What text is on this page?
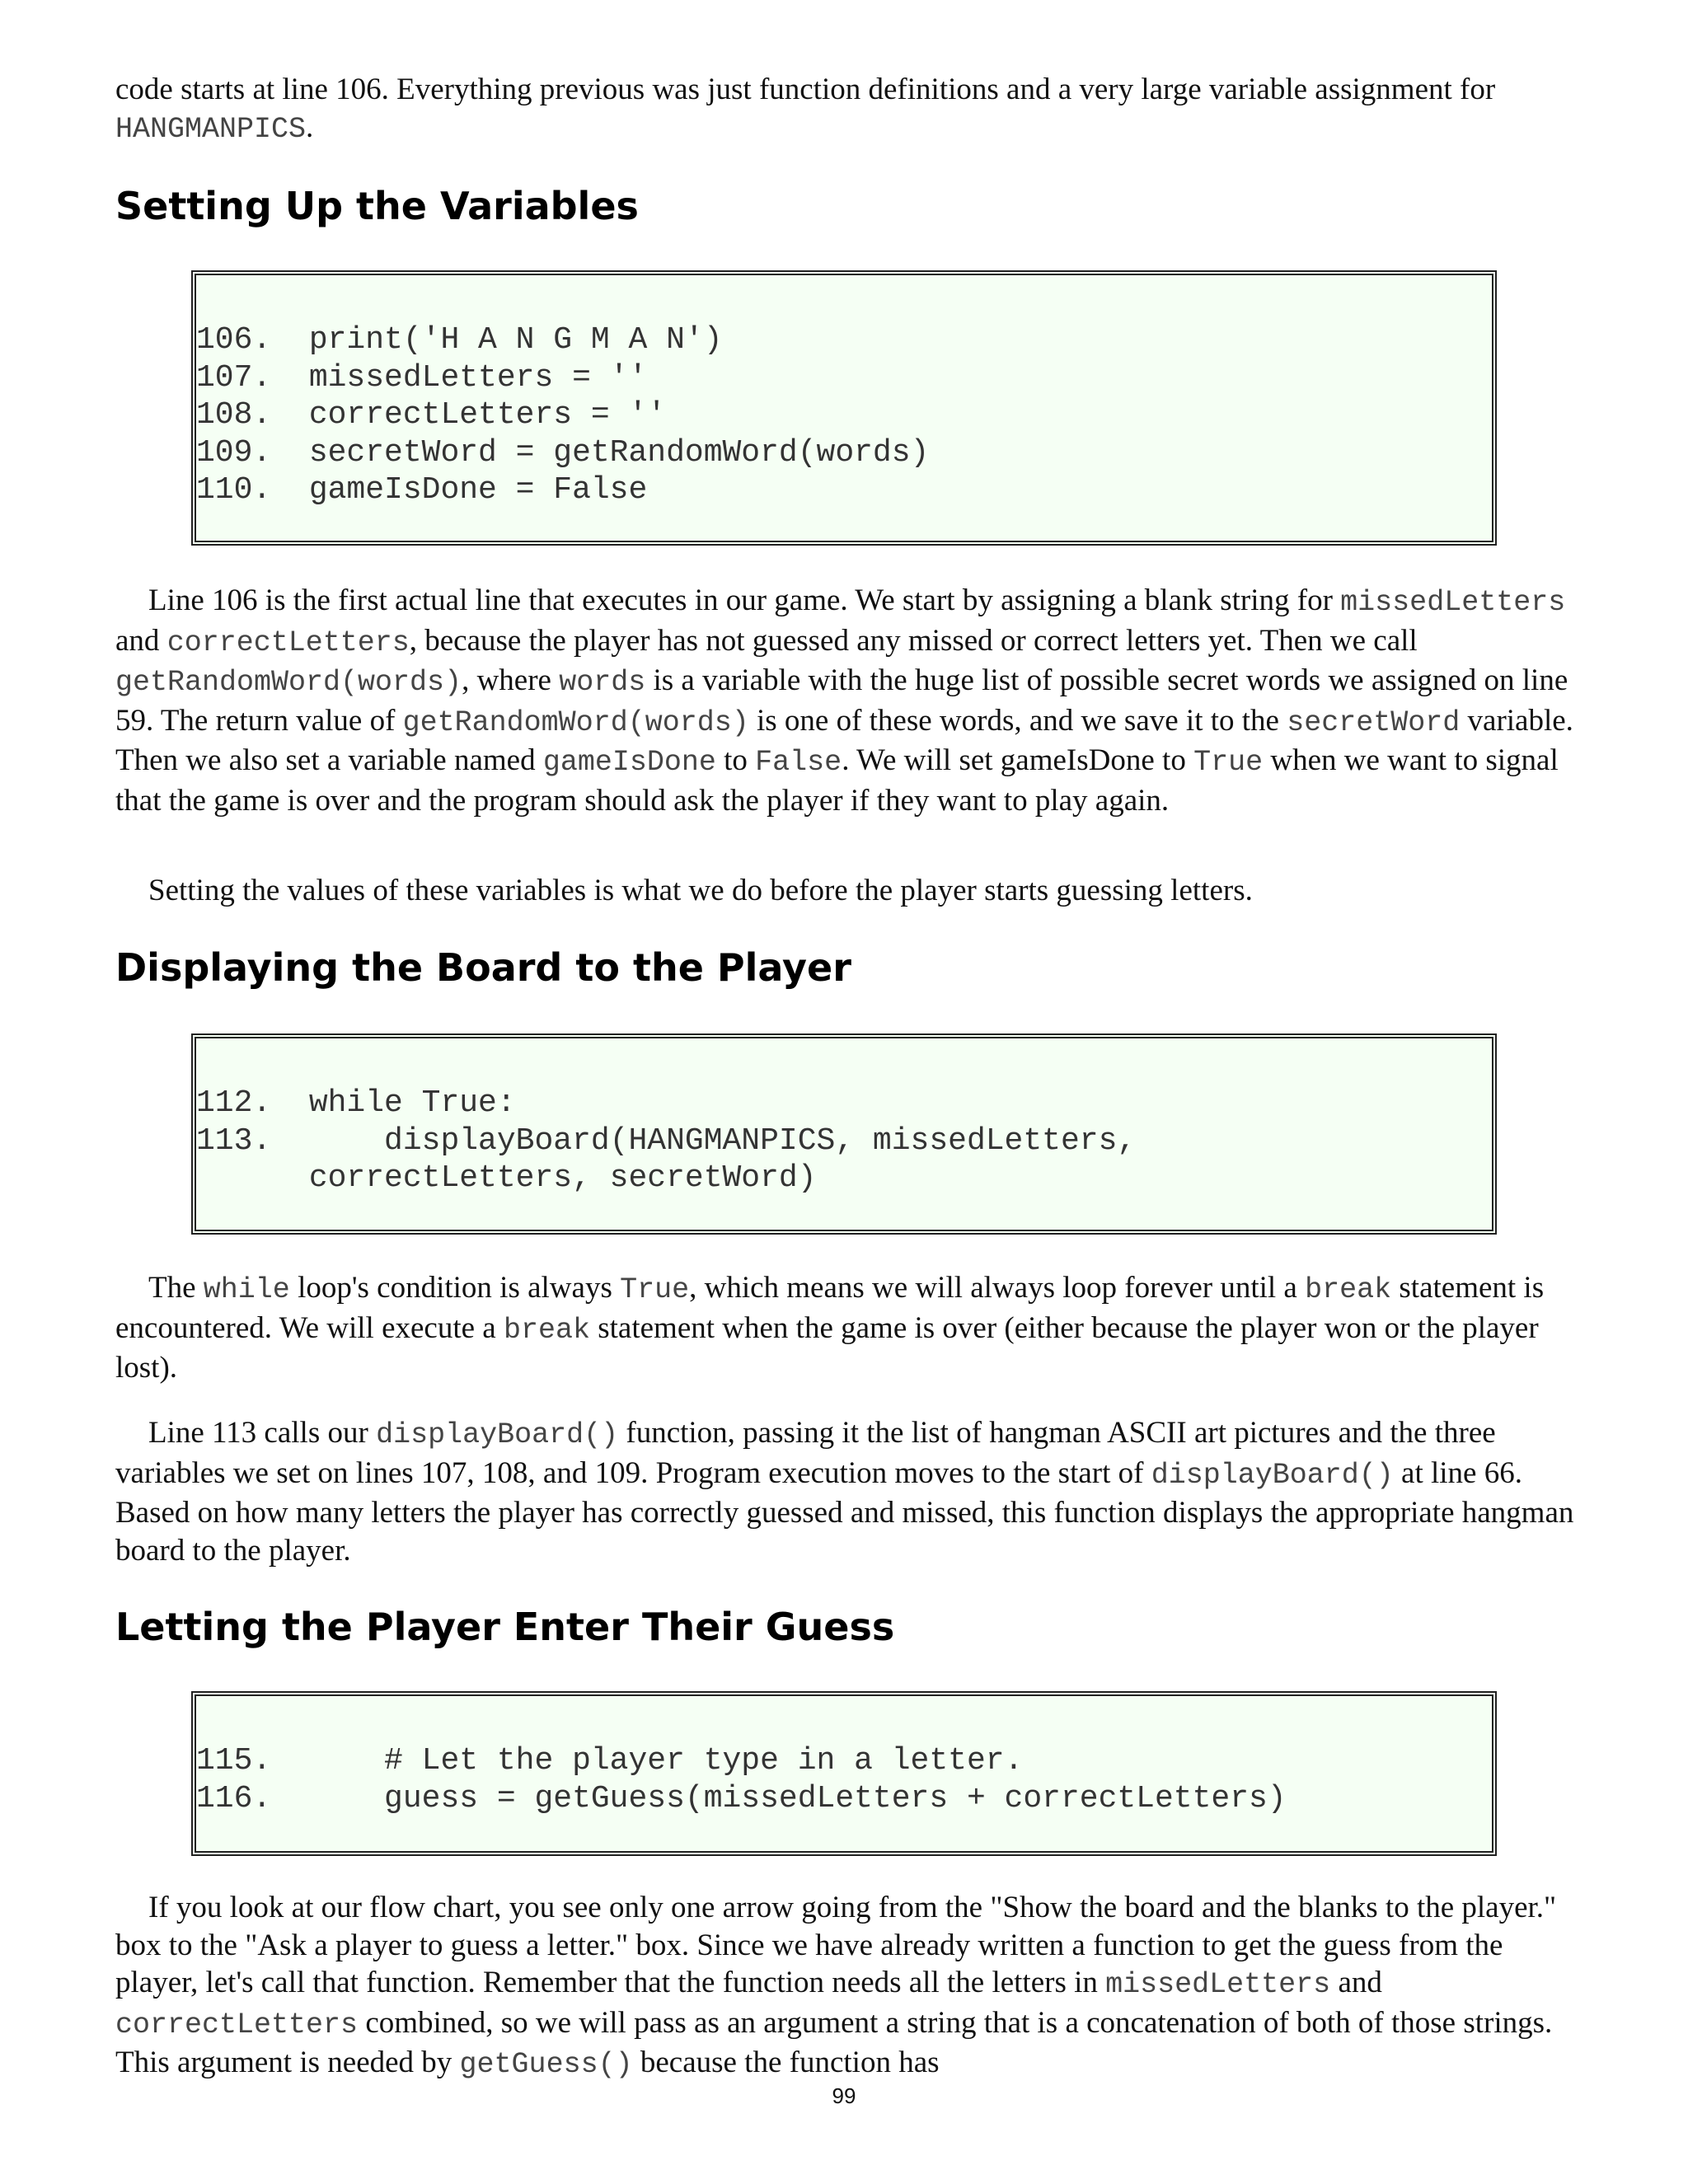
code starts at line 106. Everything previous was just function definitions and a very large variable assignment for HANGMANPICS.

Setting Up the Variables
106.  print('H A N G M A N')
107.  missedLetters = ''
108.  correctLetters = ''
109.  secretWord = getRandomWord(words)
110.  gameIsDone = False

Line 106 is the first actual line that executes in our game. We start by assigning a blank string for missedLetters and correctLetters, because the player has not guessed any missed or correct letters yet. Then we call getRandomWord(words), where words is a variable with the huge list of possible secret words we assigned on line 59. The return value of getRandomWord(words) is one of these words, and we save it to the secretWord variable. Then we also set a variable named gameIsDone to False. We will set gameIsDone to True when we want to signal that the game is over and the program should ask the player if they want to play again.

Setting the values of these variables is what we do before the player starts guessing letters.

Displaying the Board to the Player
112.  while True:
113.      displayBoard(HANGMANPICS, missedLetters,
correctLetters, secretWord)

The while loop's condition is always True, which means we will always loop forever until a break statement is encountered. We will execute a break statement when the game is over (either because the player won or the player lost).

Line 113 calls our displayBoard() function, passing it the list of hangman ASCII art pictures and the three variables we set on lines 107, 108, and 109. Program execution moves to the start of displayBoard() at line 66. Based on how many letters the player has correctly guessed and missed, this function displays the appropriate hangman board to the player.

Letting the Player Enter Their Guess
115.      # Let the player type in a letter.
116.      guess = getGuess(missedLetters + correctLetters)

If you look at our flow chart, you see only one arrow going from the "Show the board and the blanks to the player." box to the "Ask a player to guess a letter." box. Since we have already written a function to get the guess from the player, let's call that function. Remember that the function needs all the letters in missedLetters and correctLetters combined, so we will pass as an argument a string that is a concatenation of both of those strings. This argument is needed by getGuess() because the function has

99
